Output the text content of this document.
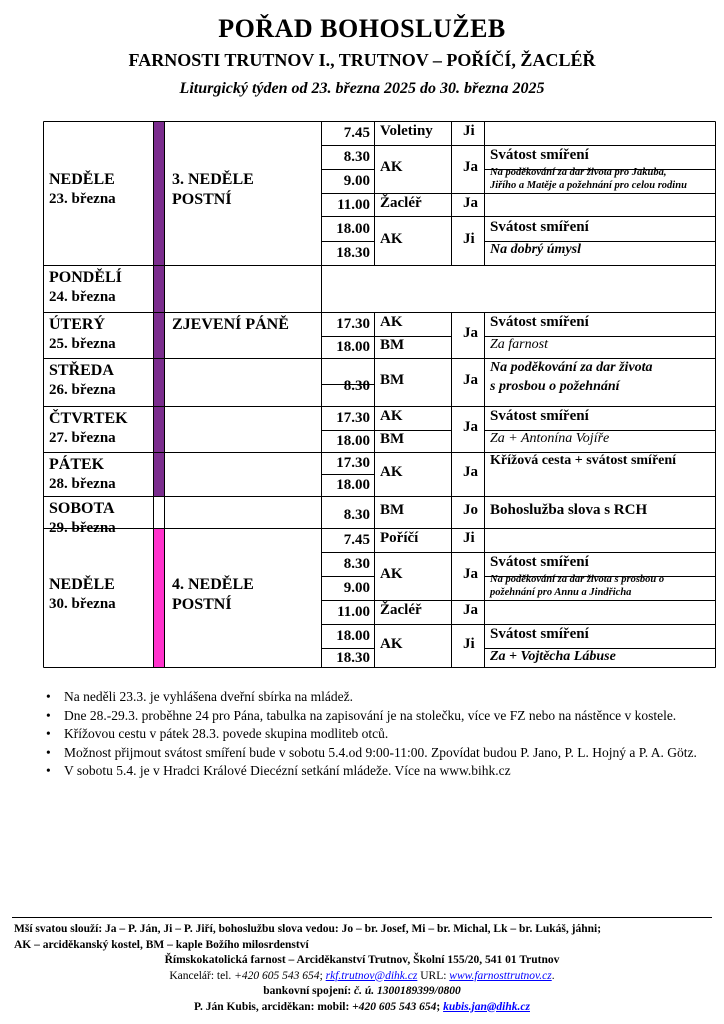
POŘAD BOHOSLUŽEB
FARNOSTI TRUTNOV I., TRUTNOV – POŘÍČÍ, ŽACLÉŘ
Liturgický týden od 23. března 2025 do 30. března 2025
NEDĚLE
23. března
3. NEDĚLE
POSTNÍ
PONDĚLÍ
24. března
ÚTERÝ
25. března
ZJEVENÍ PÁNĚ
STŘEDA
26. března
ČTVRTEK
27. března
PÁTEK
28. března
SOBOTA
29. března
NEDĚLE
30. března
4. NEDĚLE
POSTNÍ
7.45
8.30
9.00
11.00
18.00
18.30
17.30
18.00
8.30
17.30
18.00
17.30
18.00
8.30
7.45
8.30
9.00
11.00
18.00
18.30
Voletiny
AK
Žacléř
AK
AK
BM
BM
AK
BM
AK
BM
Poříčí
AK
Žacléř
AK
Ji
Ja
Ja
Ji
Ja
Ja
Ja
Ja
Jo
Ji
Ja
Ja
Ji
Svátost smíření
Svátost smíření
Svátost smíření
Svátost smíření
Křížová cesta + svátost smíření
Bohoslužba slova s RCH
Svátost smíření
Svátost smíření
Na poděkování za dar života pro Jakuba,
Jiřího a Matěje a požehnání pro celou rodinu
Na dobrý úmysl
Za farnost
Na poděkování za dar života
s prosbou o požehnání
Za + Antonína Vojíře
Na poděkování za dar života s prosbou o
požehnání pro Annu a Jindřicha
Za + Vojtěcha Lábuse
• Na neděli 23.3. je vyhlášena dveřní sbírka na mládež.
• Dne 28.-29.3. proběhne 24 pro Pána, tabulka na zapisování je na stolečku, více ve FZ nebo na nástěnce v kostele.
• Křížovou cestu v pátek 28.3. povede skupina modliteb otců.
• Možnost přijmout svátost smíření bude v sobotu 5.4.od 9:00-11:00. Zpovídat budou P. Jano, P. L. Hojný a P. A. Götz.
• V sobotu 5.4. je v Hradci Králové Diecézní setkání mládeže. Více na www.bihk.cz
Mší svatou slouží: Ja – P. Ján, Ji – P. Jiří, bohoslužbu slova vedou: Jo – br. Josef, Mi – br. Michal, Lk – br. Lukáš, jáhni;
AK – arciděkanský kostel, BM – kaple Božího milosrdenství
Římskokatolická farnost – Arciděkanství Trutnov, Školní 155/20, 541 01 Trutnov
Kancelář: tel. +420 605 543 654; rkf.trutnov@dihk.cz URL: www.farnosttrutnov.cz.
bankovní spojení: č. ú. 1300189399/0800
P. Ján Kubis, arciděkan: mobil: +420 605 543 654; kubis.jan@dihk.cz
